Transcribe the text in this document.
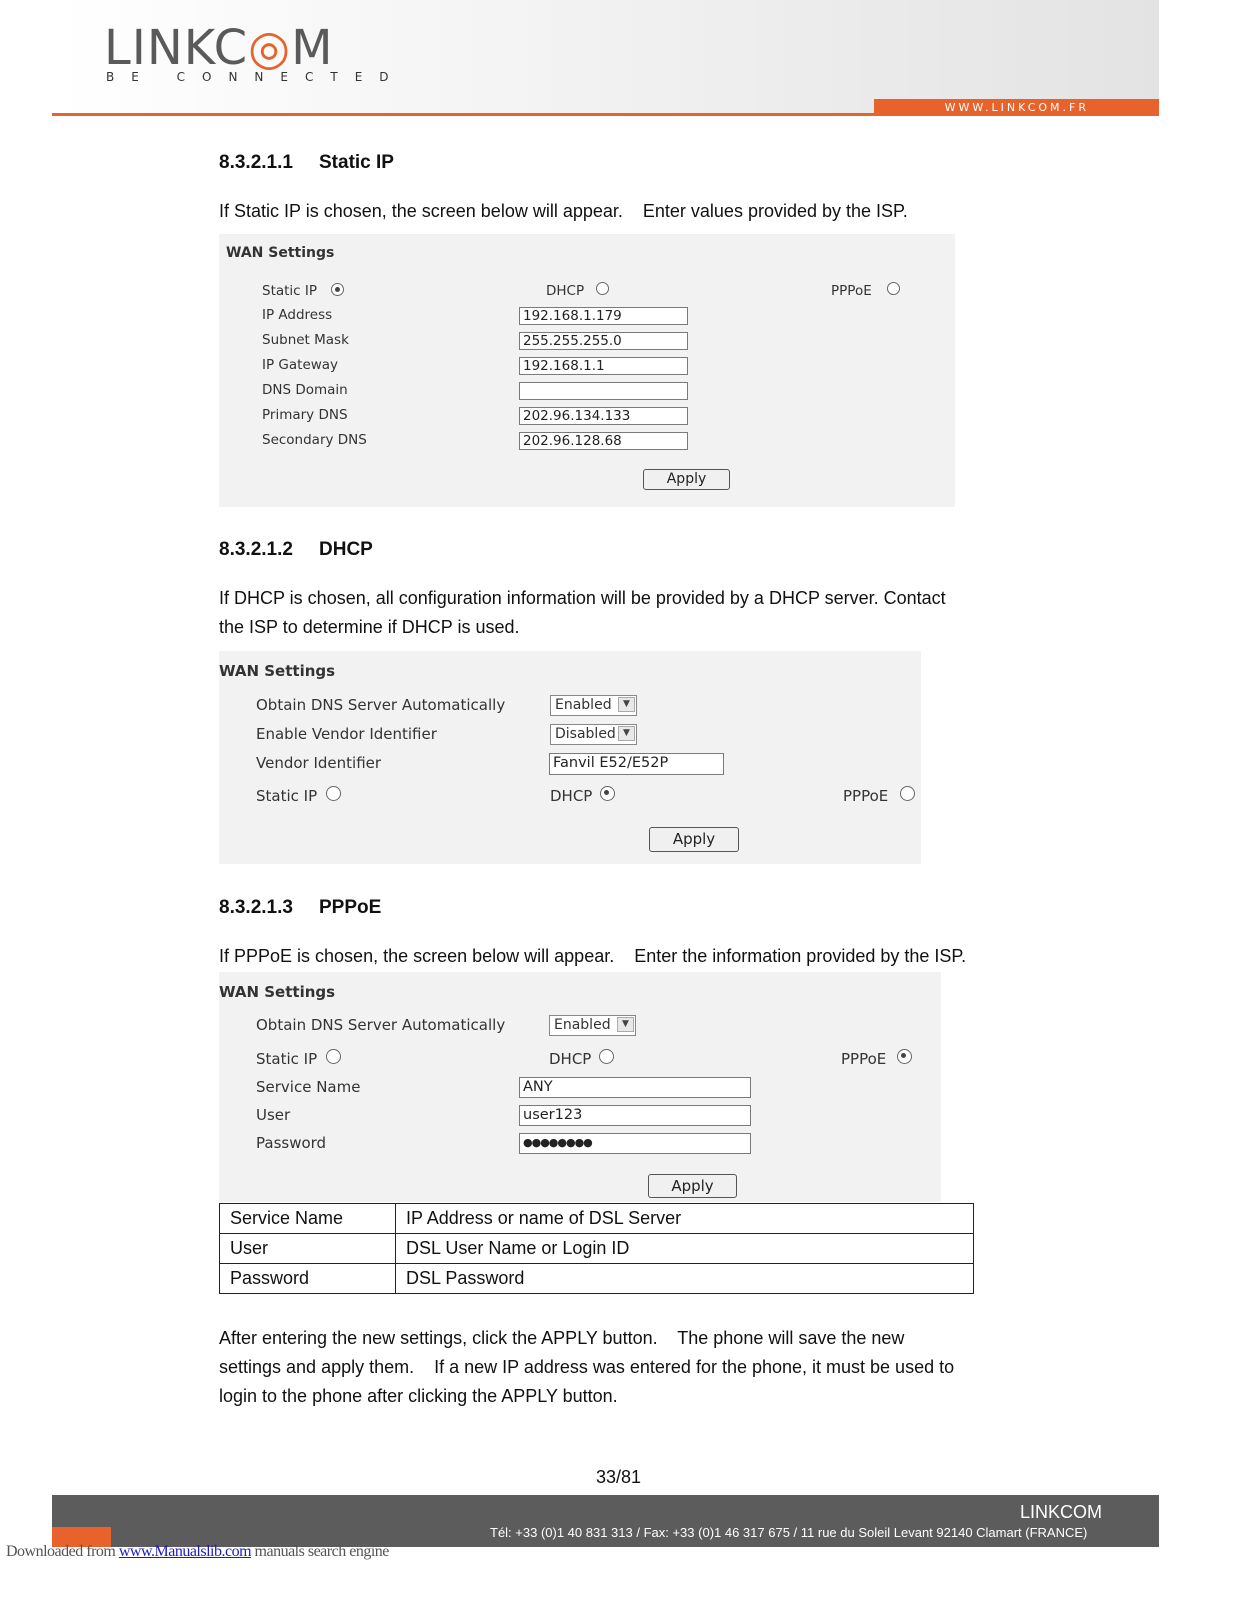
LINKC◎M
BE CONNECTED
WWW.LINKCOM.FR
8.3.2.1.1 Static IP
If Static IP is chosen, the screen below will appear.    Enter values provided by the ISP.
WAN Settings
Static IP	DHCP	PPPoE
IP Address	192.168.1.179
Subnet Mask	255.255.255.0
IP Gateway	192.168.1.1
DNS Domain
Primary DNS	202.96.134.133
Secondary DNS	202.96.128.68
Apply
8.3.2.1.2 DHCP
If DHCP is chosen, all configuration information will be provided by a DHCP server. Contact
the ISP to determine if DHCP is used.
WAN Settings
Obtain DNS Server Automatically	Enabled	▼
Enable Vendor Identifier	Disabled ▼
Vendor Identifier	Fanvil E52/E52P
Static IP	DHCP	PPPoE
Apply
8.3.2.1.3 PPPoE
If PPPoE is chosen, the screen below will appear.    Enter the information provided by the ISP.
WAN Settings
Obtain DNS Server Automatically	Enabled	▼
Static IP	DHCP	PPPoE
Service Name	ANY
User	user123
Password	●●●●●●●●
Apply
Service Name	IP Address or name of DSL Server
User	DSL User Name or Login ID
Password	DSL Password
After entering the new settings, click the APPLY button.    The phone will save the new
settings and apply them.    If a new IP address was entered for the phone, it must be used to
login to the phone after clicking the APPLY button.
33/81
LINKCOM
Tél: +33 (0)1 40 831 313 / Fax: +33 (0)1 46 317 675 / 11 rue du Soleil Levant 92140 Clamart (FRANCE)
Downloaded from www.Manualslib.com manuals search engine
